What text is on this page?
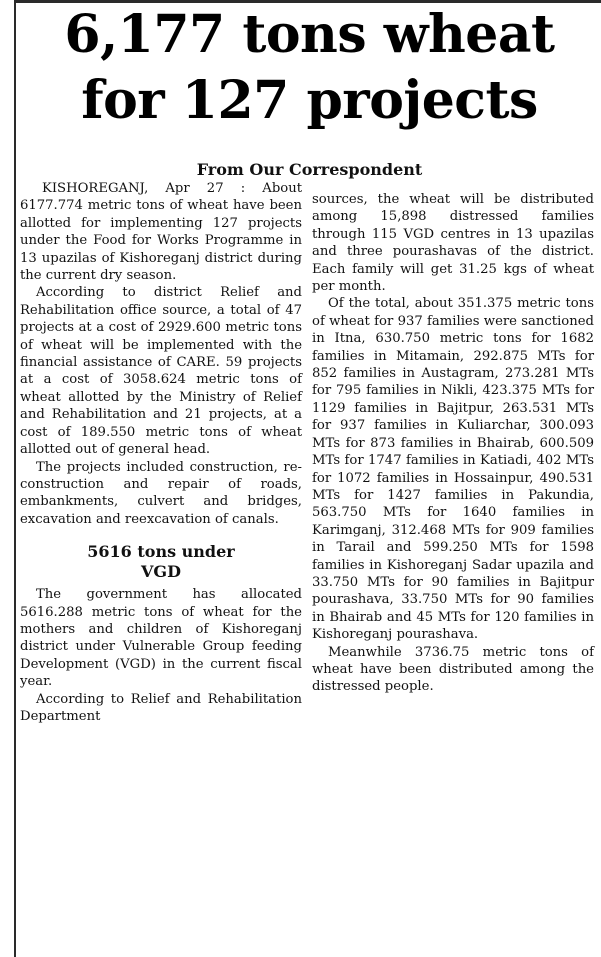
6,177 tons wheat
for 127 projects

From Our Correspondent

KISHOREGANJ, Apr 27 : About 6177.774 metric tons of wheat have been allotted for implementing 127 projects under the Food for Works Programme in 13 upazilas of Kishoreganj district during the current dry season.

According to district Relief and Rehabilitation office source, a total of 47 projects at a cost of 2929.600 metric tons of wheat will be implemented with the financial assistance of CARE. 59 projects at a cost of 3058.624 metric tons of wheat allotted by the Ministry of Relief and Rehabilitation and 21 projects, at a cost of 189.550 metric tons of wheat allotted out of general head.

The projects included construction, re-construction and repair of roads, embankments, culvert and bridges, excavation and reexcavation of canals.

5616 tons under
VGD

The government has allocated 5616.288 metric tons of wheat for the mothers and children of Kishoreganj district under Vulnerable Group feeding Development (VGD) in the current fiscal year.

According to Relief and Rehabilitation Department

sources, the wheat will be distributed among 15,898 distressed families through 115 VGD centres in 13 upazilas and three pourashavas of the district. Each family will get 31.25 kgs of wheat per month.

Of the total, about 351.375 metric tons of wheat for 937 families were sanctioned in Itna, 630.750 metric tons for 1682 families in Mitamain, 292.875 MTs for 852 families in Austagram, 273.281 MTs for 795 families in Nikli, 423.375 MTs for 1129 families in Bajitpur, 263.531 MTs for 937 families in Kuliarchar, 300.093 MTs for 873 families in Bhairab, 600.509 MTs for 1747 families in Katiadi, 402 MTs for 1072 families in Hossainpur, 490.531 MTs for 1427 families in Pakundia, 563.750 MTs for 1640 families in Karimganj, 312.468 MTs for 909 families in Tarail and 599.250 MTs for 1598 families in Kishoreganj Sadar upazila and 33.750 MTs for 90 families in Bajitpur pourashava, 33.750 MTs for 90 families in Bhairab and 45 MTs for 120 families in Kishoreganj pourashava.

Meanwhile 3736.75 metric tons of wheat have been distributed among the distressed people.
